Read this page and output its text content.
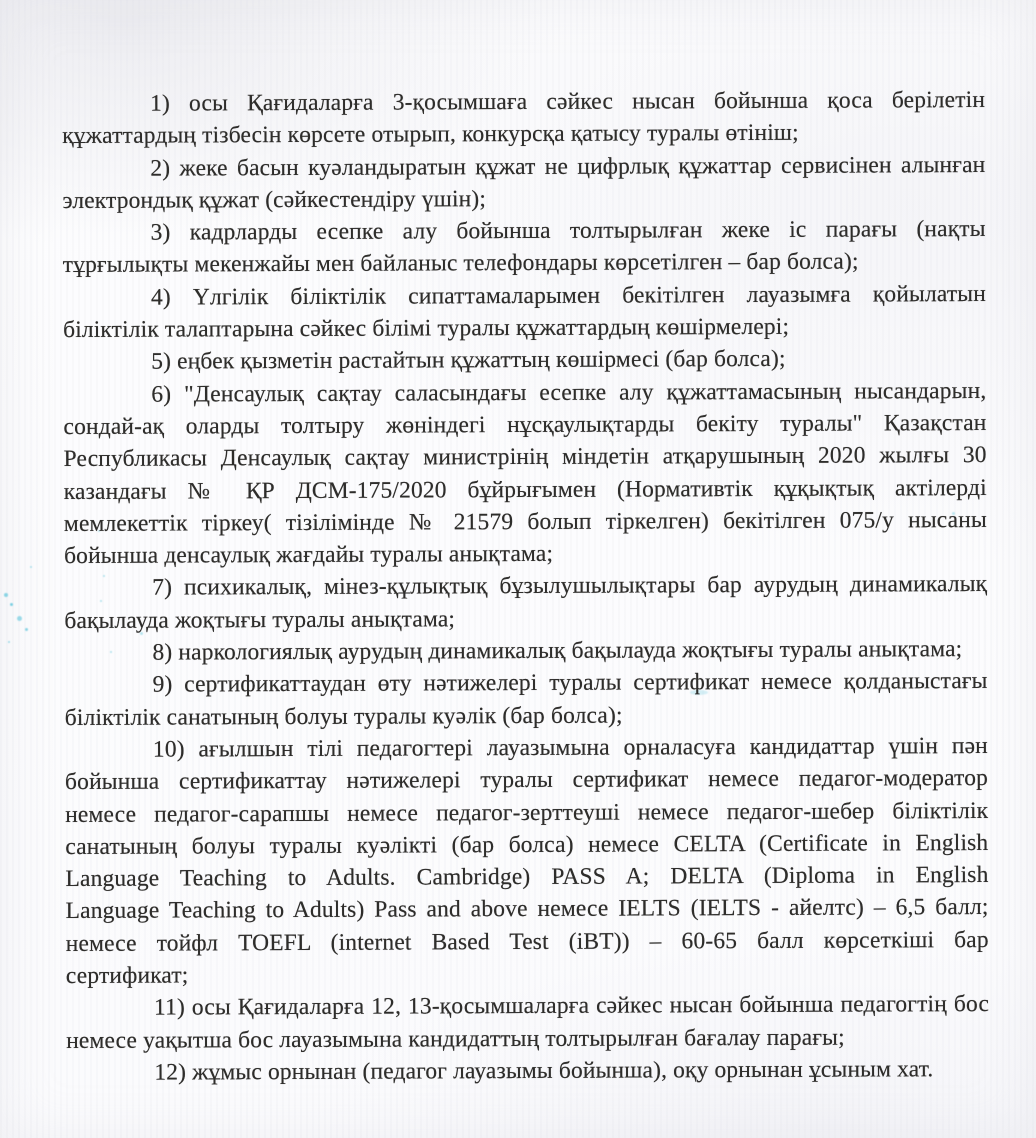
1) осы Қағидаларға 3-қосымшаға сәйкес нысан бойынша қоса берілетін
құжаттардың тізбесін көрсете отырып, конкурсқа қатысу туралы өтініш;
2) жеке басын куәландыратын құжат не цифрлық құжаттар сервисінен алынған
электрондық құжат (сәйкестендіру үшін);
3) кадрларды есепке алу бойынша толтырылған жеке іс парағы (нақты
тұрғылықты мекенжайы мен байланыс телефондары көрсетілген – бар болса);
4) Үлгілік біліктілік сипаттамаларымен бекітілген лауазымға қойылатын
біліктілік талаптарына сәйкес білімі туралы құжаттардың көшірмелері;
5) еңбек қызметін растайтын құжаттың көшірмесі (бар болса);
6) "Денсаулық сақтау саласындағы есепке алу құжаттамасының нысандарын,
сондай-ақ оларды толтыру жөніндегі нұсқаулықтарды бекіту туралы" Қазақстан
Республикасы Денсаулық сақтау министрінің міндетін атқарушының 2020 жылғы 30
казандағы № ҚР ДСМ-175/2020 бұйрығымен (Нормативтік құқықтық актілерді
мемлекеттік тіркеу( тізілімінде № 21579 болып тіркелген) бекітілген 075/у нысаны
бойынша денсаулық жағдайы туралы анықтама;
7) психикалық, мінез-құлықтық бұзылушылықтары бар аурудың динамикалық
бақылауда жоқтығы туралы анықтама;
8) наркологиялық аурудың динамикалық бақылауда жоқтығы туралы анықтама;
9) сертификаттаудан өту нәтижелері туралы сертификат немесе қолданыстағы
біліктілік санатының болуы туралы куәлік (бар болса);
10) ағылшын тілі педагогтері лауазымына орналасуға кандидаттар үшін пән
бойынша сертификаттау нәтижелері туралы сертификат немесе педагог-модератор
немесе педагог-сарапшы немесе педагог-зерттеуші немесе педагог-шебер біліктілік
санатының болуы туралы куәлікті (бар болса) немесе CELTA (Certificate in English
Language Teaching to Adults. Cambridge) PASS A; DELTA (Diploma in English
Language Teaching to Adults) Pass and above немесе IELTS (IELTS - айелтс) – 6,5 балл;
немесе тойфл TOEFL (internet Based Test (iBT)) – 60-65 балл көрсеткіші бар
сертификат;
11) осы Қағидаларға 12, 13-қосымшаларға сәйкес нысан бойынша педагогтің бос
немесе уақытша бос лауазымына кандидаттың толтырылған бағалау парағы;
12) жұмыс орнынан (педагог лауазымы бойынша), оқу орнынан ұсыным хат.
